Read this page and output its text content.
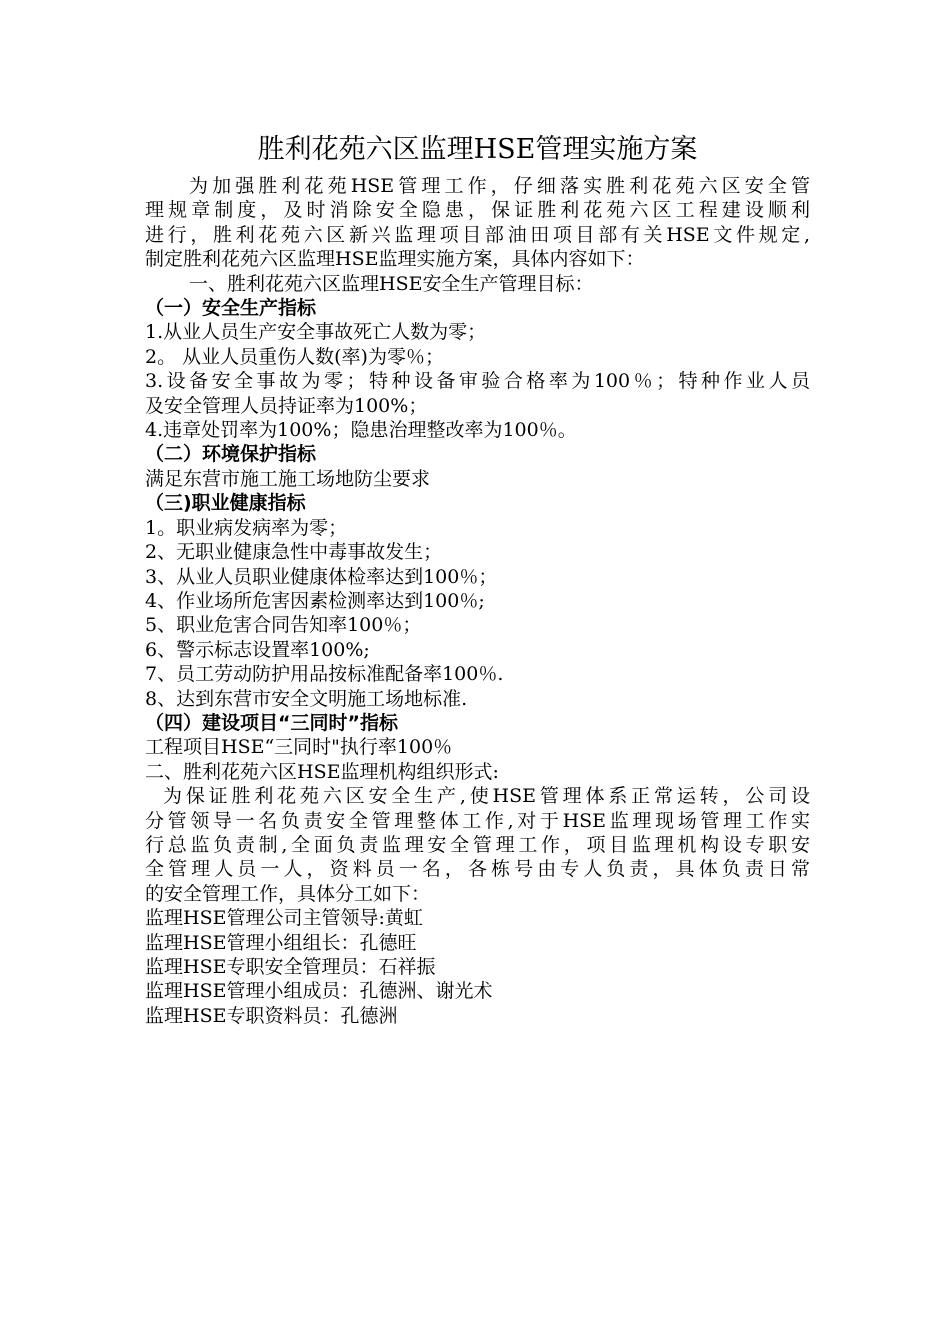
胜利花苑六区监理HSE管理实施方案
为加强胜利花苑HSE管理工作，仔细落实胜利花苑六区安全管
理规章制度，及时消除安全隐患，保证胜利花苑六区工程建设顺利
进行，胜利花苑六区新兴监理项目部油田项目部有关HSE文件规定,
制定胜利花苑六区监理HSE监理实施方案，具体内容如下：
一、胜利花苑六区监理HSE安全生产管理目标：
（一）安全生产指标
1.从业人员生产安全事故死亡人数为零；
2。 从业人员重伤人数(率)为零％；
3.设备安全事故为零；特种设备审验合格率为100％；特种作业人员
及安全管理人员持证率为100%；
4.违章处罚率为100%；隐患治理整改率为100％。
（二）环境保护指标
满足东营市施工施工场地防尘要求
（三)职业健康指标
1。职业病发病率为零；
2、无职业健康急性中毒事故发生；
3、从业人员职业健康体检率达到100％；
4、作业场所危害因素检测率达到100％;
5、职业危害合同告知率100％；
6、警示标志设置率100%;
7、员工劳动防护用品按标准配备率100％.
8、达到东营市安全文明施工场地标准.
（四）建设项目“三同时”指标
工程项目HSE“三同时"执行率100％
二、胜利花苑六区HSE监理机构组织形式:
为保证胜利花苑六区安全生产,使HSE管理体系正常运转，公司设
分管领导一名负责安全管理整体工作,对于HSE监理现场管理工作实
行总监负责制,全面负责监理安全管理工作，项目监理机构设专职安
全管理人员一人，资料员一名，各栋号由专人负责，具体负责日常
的安全管理工作，具体分工如下：
监理HSE管理公司主管领导:黄虹
监理HSE管理小组组长：孔德旺
监理HSE专职安全管理员：石祥振
监理HSE管理小组成员：孔德洲、谢光术
监理HSE专职资料员：孔德洲
